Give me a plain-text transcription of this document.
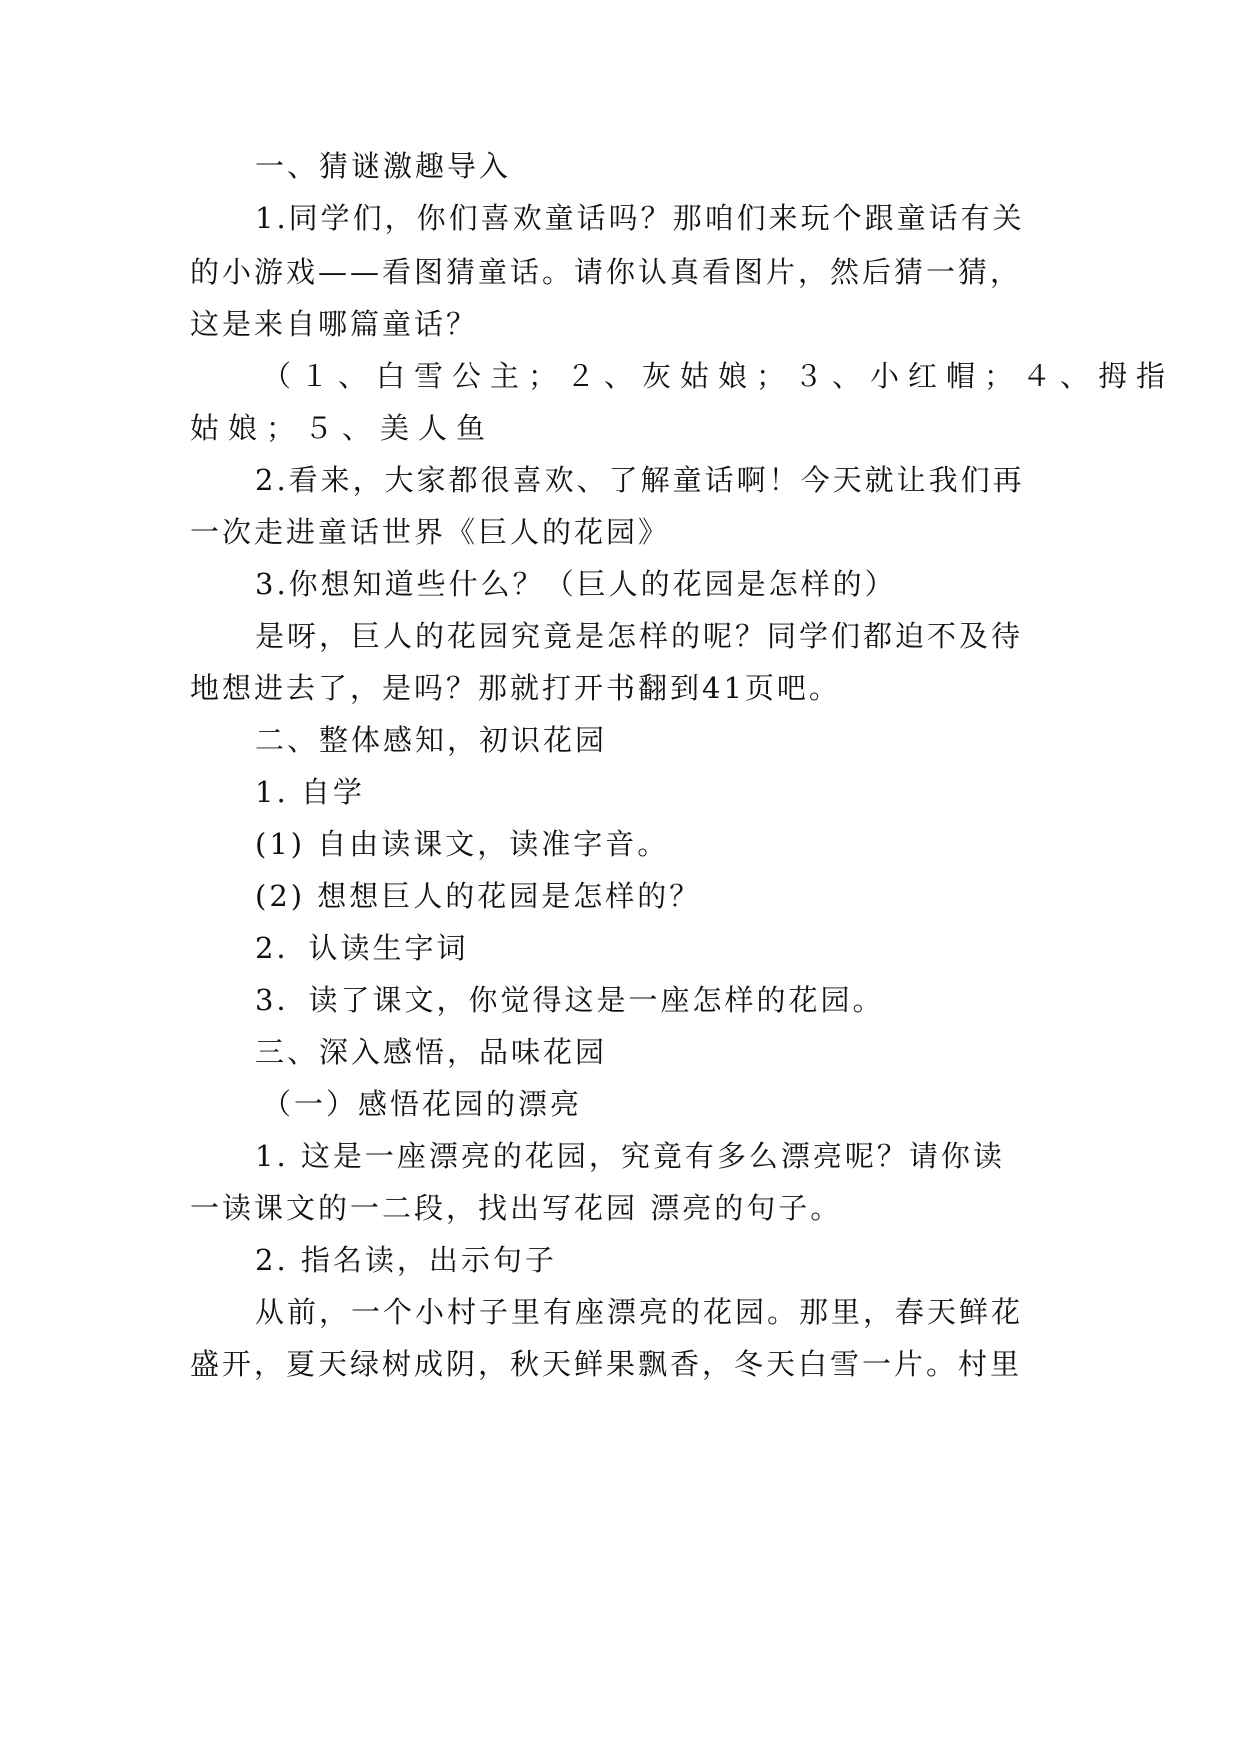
一、猜谜激趣导入

1.同学们，你们喜欢童话吗？那咱们来玩个跟童话有关

的小游戏——看图猜童话。请你认真看图片，然后猜一猜，

这是来自哪篇童话？

（１、白雪公主；２、灰姑娘；３、小红帽；４、拇指

姑娘；５、美人鱼

2.看来，大家都很喜欢、了解童话啊！今天就让我们再

一次走进童话世界《巨人的花园》

3.你想知道些什么？（巨人的花园是怎样的）

是呀，巨人的花园究竟是怎样的呢？同学们都迫不及待

地想进去了，是吗？那就打开书翻到41页吧。

二、整体感知，初识花园

1. 自学

(1) 自由读课文，读准字音。

(2) 想想巨人的花园是怎样的？

2．认读生字词

3．读了课文，你觉得这是一座怎样的花园。

三、深入感悟，品味花园

（一）感悟花园的漂亮

1. 这是一座漂亮的花园，究竟有多么漂亮呢？请你读

一读课文的一二段，找出写花园 漂亮的句子。

2. 指名读，出示句子

从前，一个小村子里有座漂亮的花园。那里，春天鲜花

盛开，夏天绿树成阴，秋天鲜果飘香，冬天白雪一片。村里
